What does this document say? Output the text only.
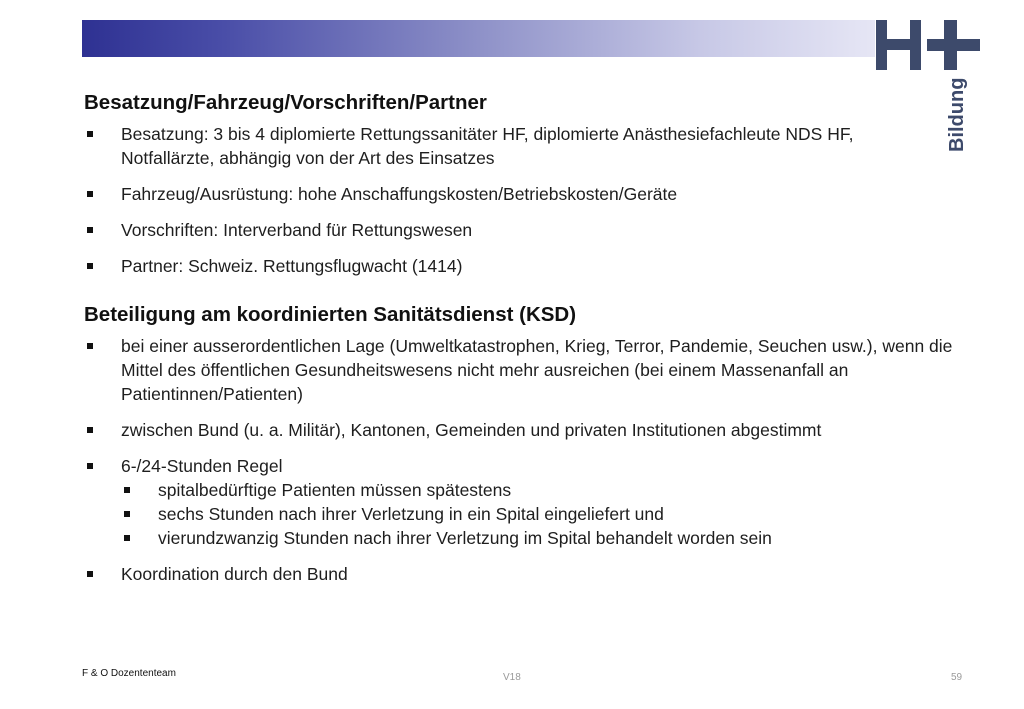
Bildung
Besatzung/Fahrzeug/Vorschriften/Partner
Besatzung: 3 bis 4 diplomierte Rettungssanitäter HF, diplomierte Anästhesiefachleute NDS HF, Notfallärzte, abhängig von der Art des Einsatzes
Fahrzeug/Ausrüstung: hohe Anschaffungskosten/Betriebskosten/Geräte
Vorschriften: Interverband für Rettungswesen
Partner: Schweiz. Rettungsflugwacht (1414)
Beteiligung am koordinierten Sanitätsdienst (KSD)
bei einer ausserordentlichen Lage (Umweltkatastrophen, Krieg, Terror, Pandemie, Seuchen usw.), wenn die Mittel des öffentlichen Gesundheitswesens nicht mehr ausreichen (bei einem Massenanfall an Patientinnen/Patienten)
zwischen Bund (u. a. Militär), Kantonen, Gemeinden und privaten Institutionen abgestimmt
6-/24-Stunden Regel
spitalbedürftige Patienten müssen spätestens
sechs Stunden nach ihrer Verletzung in ein Spital eingeliefert und
vierundzwanzig Stunden nach ihrer Verletzung im Spital behandelt worden sein
Koordination durch den Bund
F & O Dozententeam	V18	59
